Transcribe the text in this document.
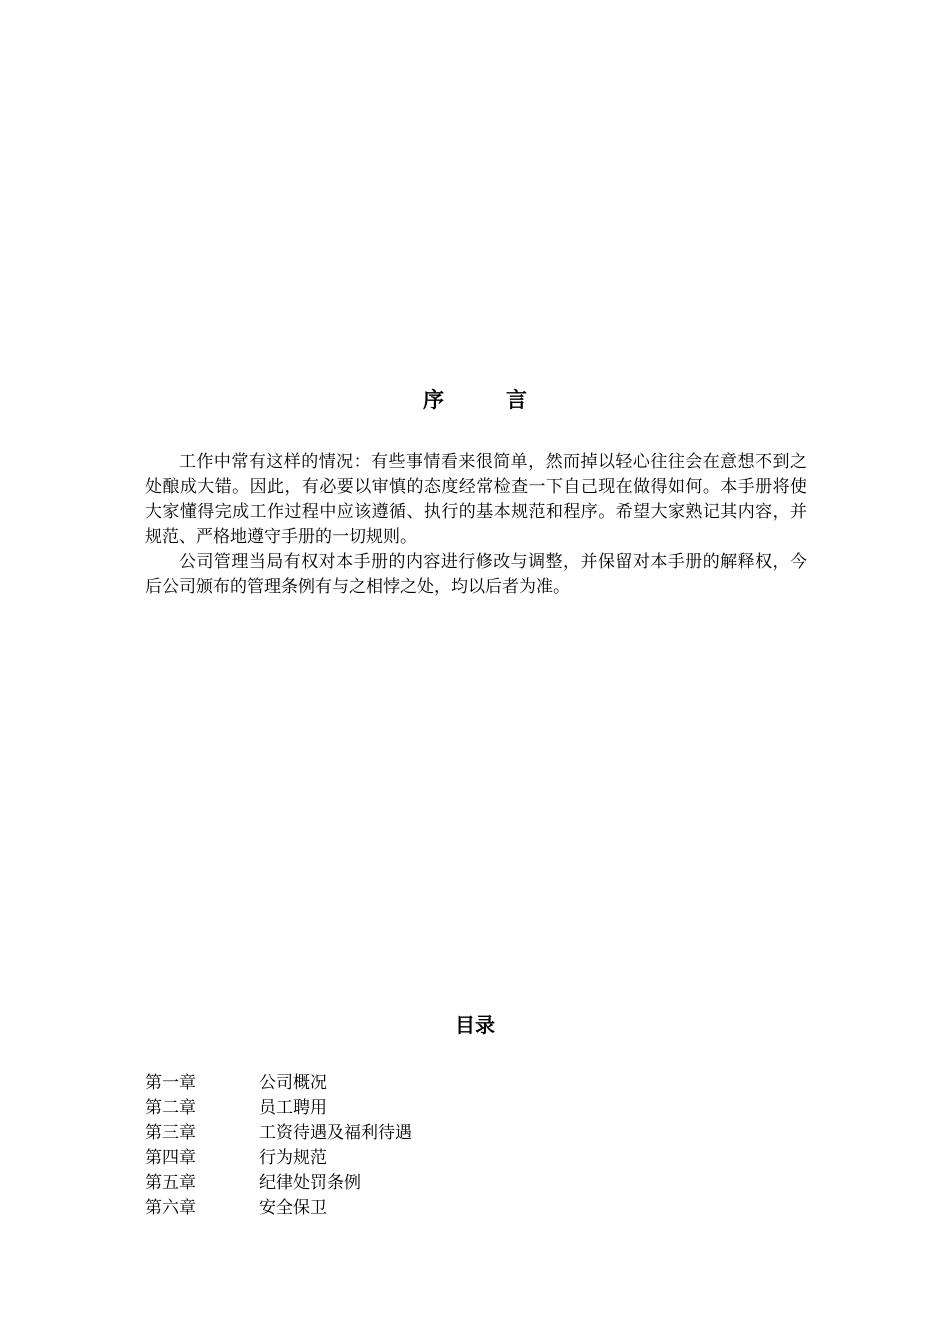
序	言

工作中常有这样的情况：有些事情看来很简单，然而掉以轻心往往会在意想不到之处酿成大错。因此，有必要以审慎的态度经常检查一下自己现在做得如何。本手册将使大家懂得完成工作过程中应该遵循、执行的基本规范和程序。希望大家熟记其内容，并规范、严格地遵守手册的一切规则。

公司管理当局有权对本手册的内容进行修改与调整，并保留对本手册的解释权，今后公司颁布的管理条例有与之相悖之处，均以后者为准。

目录
第一章	公司概况
第二章	员工聘用
第三章	工资待遇及福利待遇
第四章	行为规范
第五章	纪律处罚条例
第六章	安全保卫
